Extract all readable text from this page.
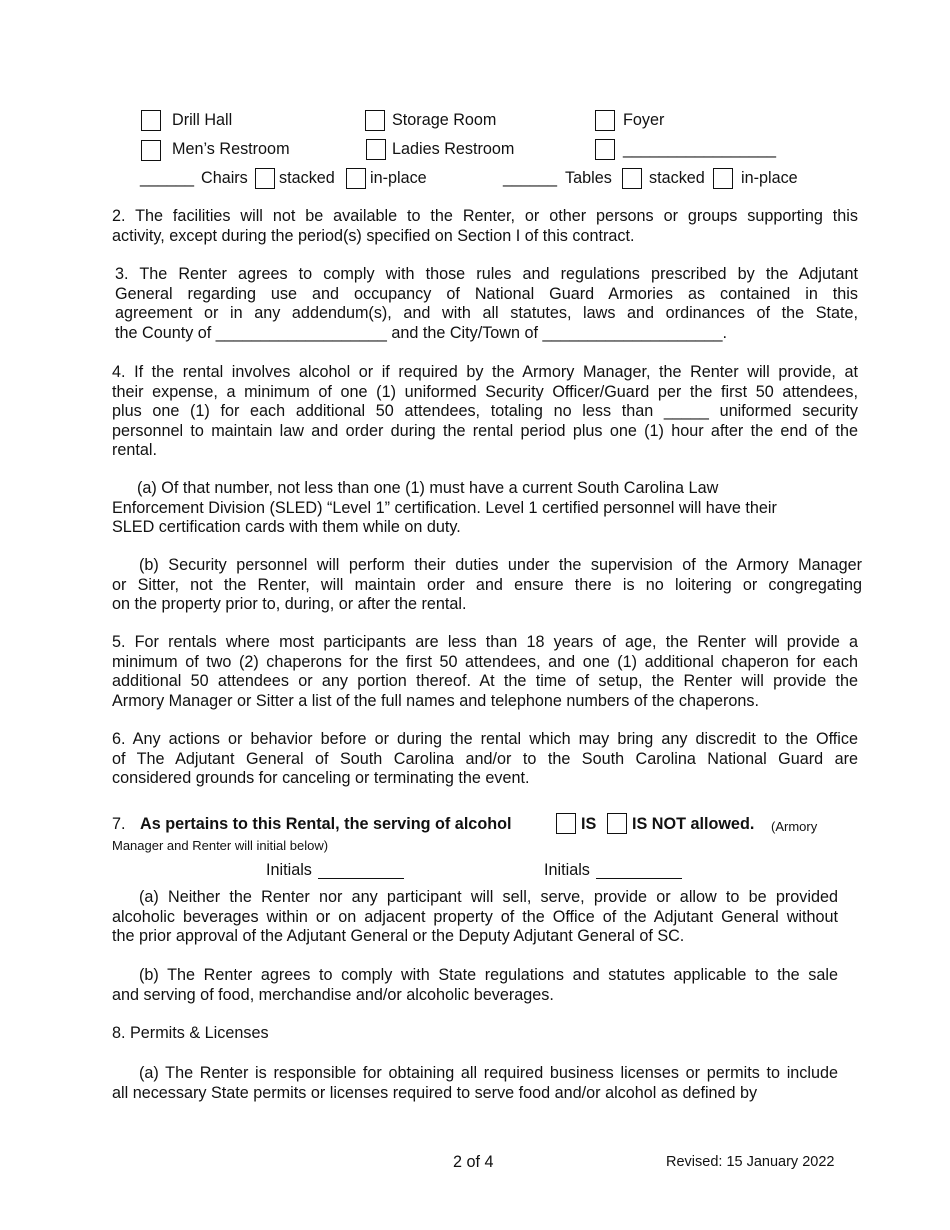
Drill Hall	Storage Room	Foyer
Men’s Restroom	Ladies Restroom	_________________
______ Chairs stacked in-place	______ Tables stacked in-place
2. The facilities will not be available to the Renter, or other persons or groups supporting this
activity, except during the period(s) specified on Section I of this contract.
3. The Renter agrees to comply with those rules and regulations prescribed by the Adjutant
General regarding use and occupancy of National Guard Armories as contained in this
agreement or in any addendum(s), and with all statutes, laws and ordinances of the State,
the County of ___________________ and the City/Town of ____________________.
4. If the rental involves alcohol or if required by the Armory Manager, the Renter will provide, at
their expense, a minimum of one (1) uniformed Security Officer/Guard per the first 50 attendees,
plus one (1) for each additional 50 attendees, totaling no less than _____ uniformed security
personnel to maintain law and order during the rental period plus one (1) hour after the end of the
rental.
(a) Of that number, not less than one (1) must have a current South Carolina Law
Enforcement Division (SLED) “Level 1” certification. Level 1 certified personnel will have their
SLED certification cards with them while on duty.
(b) Security personnel will perform their duties under the supervision of the Armory Manager
or Sitter, not the Renter, will maintain order and ensure there is no loitering or congregating
on the property prior to, during, or after the rental.
5. For rentals where most participants are less than 18 years of age, the Renter will provide a
minimum of two (2) chaperons for the first 50 attendees, and one (1) additional chaperon for each
additional 50 attendees or any portion thereof. At the time of setup, the Renter will provide the
Armory Manager or Sitter a list of the full names and telephone numbers of the chaperons.
6. Any actions or behavior before or during the rental which may bring any discredit to the Office
of The Adjutant General of South Carolina and/or to the South Carolina National Guard are
considered grounds for canceling or terminating the event.
7. As pertains to this Rental, the serving of alcohol	IS IS NOT allowed. (Armory
Manager and Renter will initial below)
Initials	Initials
(a) Neither the Renter nor any participant will sell, serve, provide or allow to be provided
alcoholic beverages within or on adjacent property of the Office of the Adjutant General without
the prior approval of the Adjutant General or the Deputy Adjutant General of SC.
(b) The Renter agrees to comply with State regulations and statutes applicable to the sale
and serving of food, merchandise and/or alcoholic beverages.
8. Permits & Licenses
(a) The Renter is responsible for obtaining all required business licenses or permits to include
all necessary State permits or licenses required to serve food and/or alcohol as defined by
2 of 4	Revised: 15 January 2022
